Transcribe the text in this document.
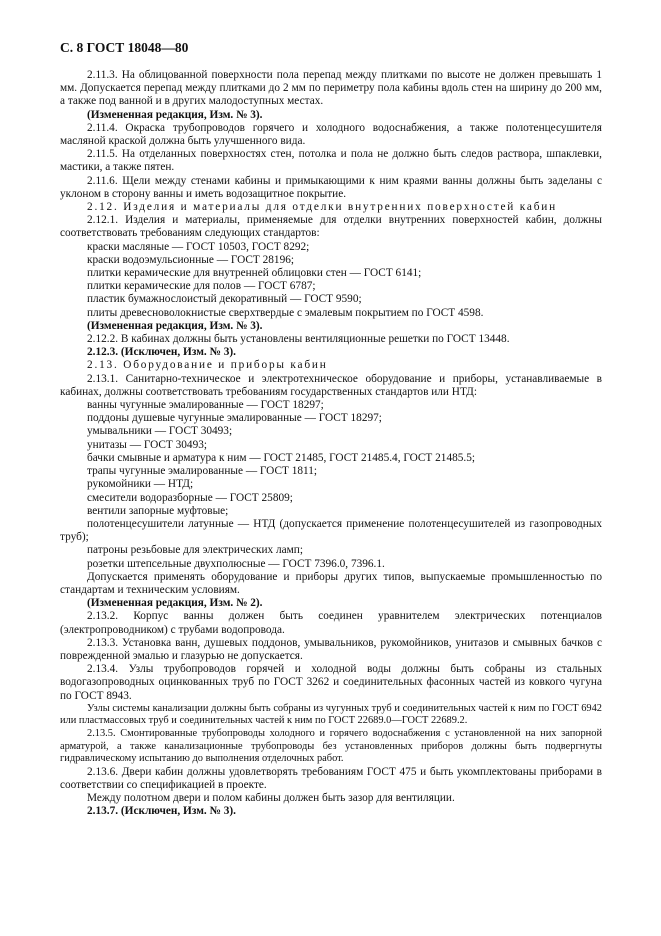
С. 8 ГОСТ 18048—80

2.11.3. На облицованной поверхности пола перепад между плитками по высоте не должен превышать 1 мм. Допускается перепад между плитками до 2 мм по периметру пола кабины вдоль стен на ширину до 200 мм, а также под ванной и в других малодоступных местах.

(Измененная редакция, Изм. № 3).

2.11.4. Окраска трубопроводов горячего и холодного водоснабжения, а также полотенцесушителя масляной краской должна быть улучшенного вида.

2.11.5. На отделанных поверхностях стен, потолка и пола не должно быть следов раствора, шпаклевки, мастики, а также пятен.

2.11.6. Щели между стенами кабины и примыкающими к ним краями ванны должны быть заделаны с уклоном в сторону ванны и иметь водозащитное покрытие.

2.12. Изделия и материалы для отделки внутренних поверхностей кабин

2.12.1. Изделия и материалы, применяемые для отделки внутренних поверхностей кабин, должны соответствовать требованиям следующих стандартов:

краски масляные — ГОСТ 10503, ГОСТ 8292;

краски водоэмульсионные — ГОСТ 28196;

плитки керамические для внутренней облицовки стен — ГОСТ 6141;

плитки керамические для полов — ГОСТ 6787;

пластик бумажнослоистый декоративный — ГОСТ 9590;

плиты древесноволокнистые сверхтвердые с эмалевым покрытием по ГОСТ 4598.

(Измененная редакция, Изм. № 3).

2.12.2. В кабинах должны быть установлены вентиляционные решетки по ГОСТ 13448.

2.12.3. (Исключен, Изм. № 3).

2.13. Оборудование и приборы кабин

2.13.1. Санитарно-техническое и электротехническое оборудование и приборы, устанавливаемые в кабинах, должны соответствовать требованиям государственных стандартов или НТД:

ванны чугунные эмалированные — ГОСТ 18297;

поддоны душевые чугунные эмалированные — ГОСТ 18297;

умывальники — ГОСТ 30493;

унитазы — ГОСТ 30493;

бачки смывные и арматура к ним — ГОСТ 21485, ГОСТ 21485.4, ГОСТ 21485.5;

трапы чугунные эмалированные — ГОСТ 1811;

рукомойники — НТД;

смесители водоразборные — ГОСТ 25809;

вентили запорные муфтовые;

полотенцесушители латунные — НТД (допускается применение полотенцесушителей из газопроводных труб);

патроны резьбовые для электрических ламп;

розетки штепсельные двухполюсные — ГОСТ 7396.0, 7396.1.

Допускается применять оборудование и приборы других типов, выпускаемые промышленностью по стандартам и техническим условиям.

(Измененная редакция, Изм. № 2).

2.13.2. Корпус ванны должен быть соединен уравнителем электрических потенциалов (электропроводником) с трубами водопровода.

2.13.3. Установка ванн, душевых поддонов, умывальников, рукомойников, унитазов и смывных бачков с поврежденной эмалью и глазурью не допускается.

2.13.4. Узлы трубопроводов горячей и холодной воды должны быть собраны из стальных водогазопроводных оцинкованных труб по ГОСТ 3262 и соединительных фасонных частей из ковкого чугуна по ГОСТ 8943.

Узлы системы канализации должны быть собраны из чугунных труб и соединительных частей к ним по ГОСТ 6942 или пластмассовых труб и соединительных частей к ним по ГОСТ 22689.0—ГОСТ 22689.2.

2.13.5. Смонтированные трубопроводы холодного и горячего водоснабжения с установленной на них запорной арматурой, а также канализационные трубопроводы без установленных приборов должны быть подвергнуты гидравлическому испытанию до выполнения отделочных работ.

2.13.6. Двери кабин должны удовлетворять требованиям ГОСТ 475 и быть укомплектованы приборами в соответствии со спецификацией в проекте.

Между полотном двери и полом кабины должен быть зазор для вентиляции.

2.13.7. (Исключен, Изм. № 3).
